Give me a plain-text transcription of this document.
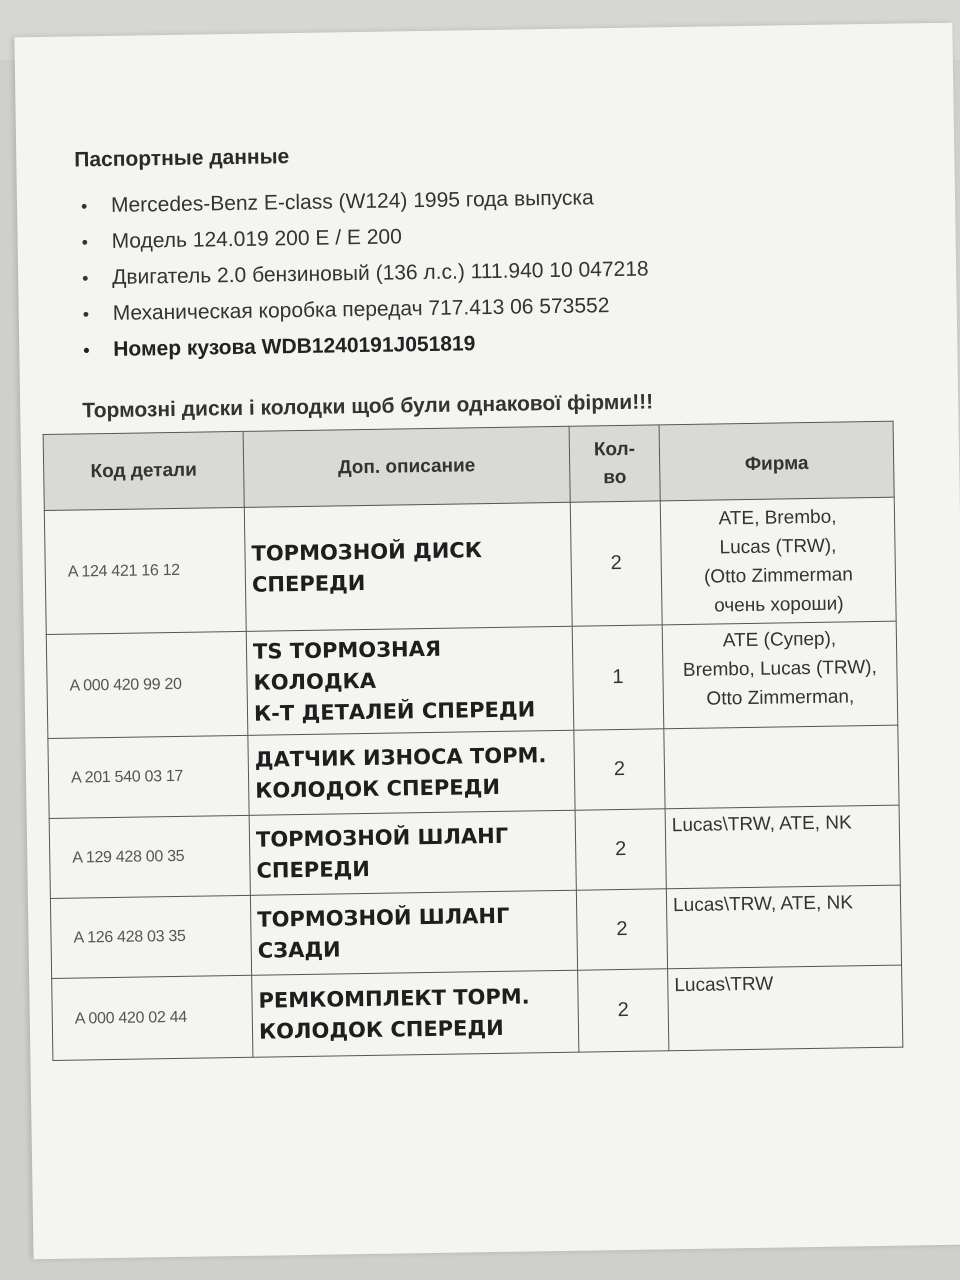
Паспортные данные
• Mercedes-Benz E-class (W124) 1995 года выпуска
• Модель 124.019 200 E / E 200
• Двигатель 2.0 бензиновый (136 л.с.) 111.940 10 047218
• Механическая коробка передач 717.413 06 573552
• Номер кузова WDB1240191J051819
Тормозні диски і колодки щоб були однакової фірми!!!
Код детали	Доп. описание	Кол-
во	Фирма
A 124 421 16 12	ТОРМОЗНОЙ ДИСК
СПЕРЕДИ	2	ATE, Brembo,
Lucas (TRW),
(Otto Zimmerman
очень хороши)

A 000 420 99 20	TS ТОРМОЗНАЯ
КОЛОДКА
К-Т ДЕТАЛЕЙ СПЕРЕДИ	1	ATE (Супер),
Brembo, Lucas (TRW),
Otto Zimmerman,

A 201 540 03 17	ДАТЧИК ИЗНОСА ТОРМ.
КОЛОДОК СПЕРЕДИ	2	
A 129 428 00 35	ТОРМОЗНОЙ ШЛАНГ
СПЕРЕДИ	2	Lucas\TRW, ATE, NK

A 126 428 03 35	ТОРМОЗНОЙ ШЛАНГ
СЗАДИ	2	Lucas\TRW, ATE, NK

A 000 420 02 44	РЕМКОМПЛЕКТ ТОРМ.
КОЛОДОК СПЕРЕДИ	2	Lucas\TRW
